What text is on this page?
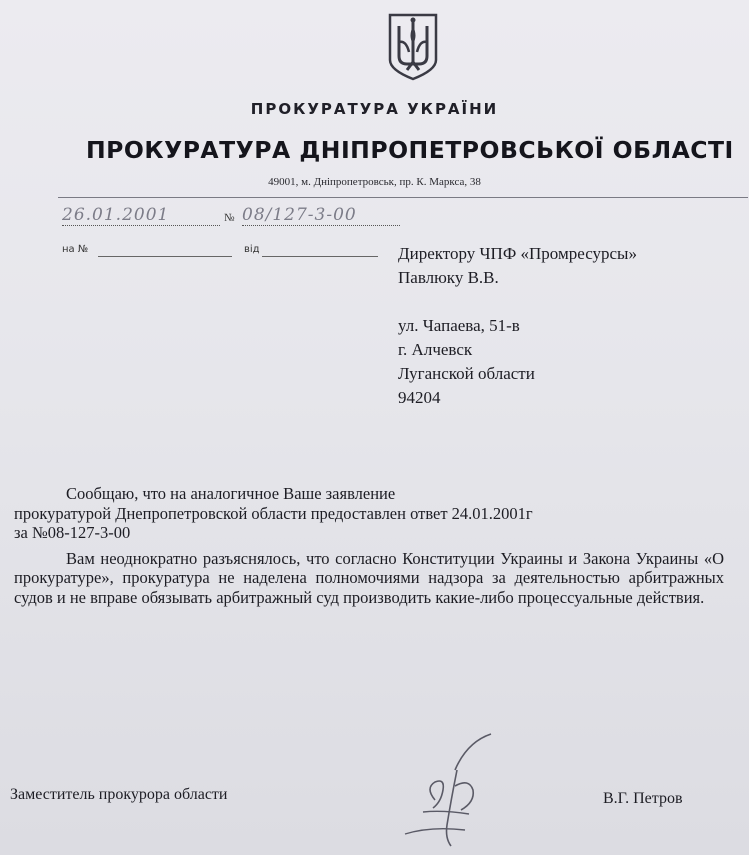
ПРОКУРАТУРА УКРАЇНИ
ПРОКУРАТУРА ДНІПРОПЕТРОВСЬКОЇ ОБЛАСТІ
49001, м. Дніпропетровськ, пр. К. Маркса, 38
26.01.2001	№ 08/127-3-00
на №	від	Директору ЧПФ «Промресурсы»
Павлюку В.В.
ул. Чапаева, 51-в
г. Алчевск
Луганской области
94204
Сообщаю, что на аналогичное Ваше заявление
прокуратурой Днепропетровской области предоставлен ответ 24.01.2001г
за №08-127-3-00

Вам неоднократно разъяснялось, что согласно Конституции Украины и Закона Украины «О прокуратуре», прокуратура не наделена полномочиями надзора за деятельностью арбитражных судов и не вправе обязывать арбитражный суд производить какие-либо процессуальные действия.

Заместитель прокурора области	В.Г. Петров
